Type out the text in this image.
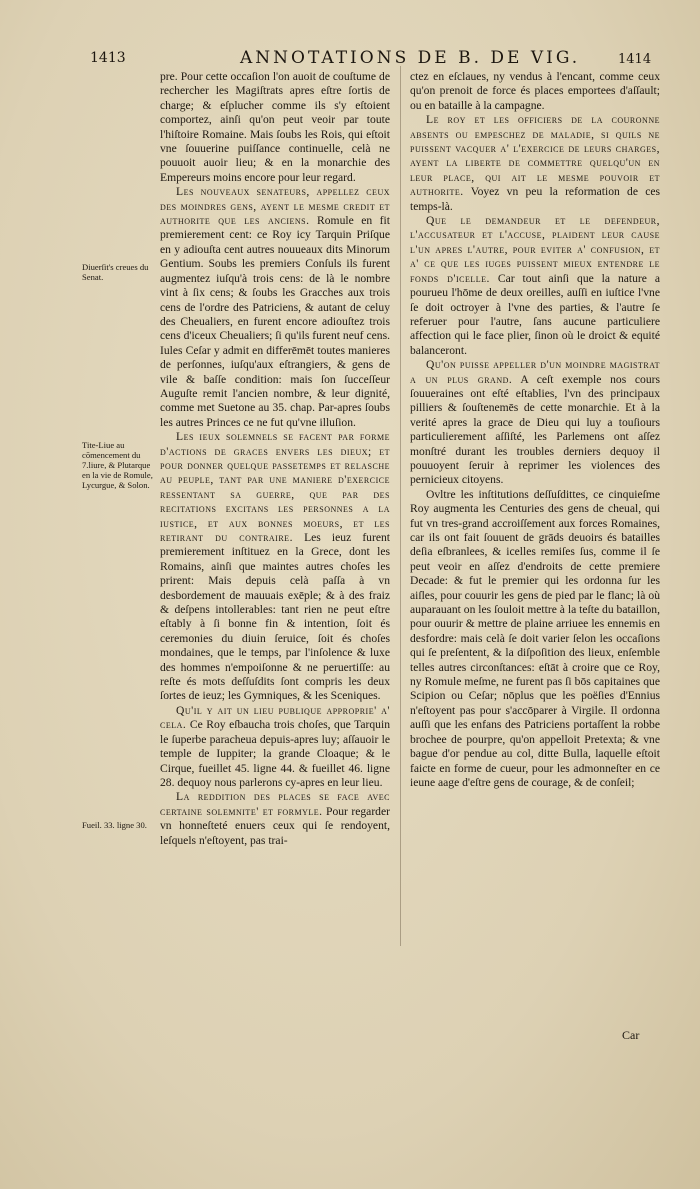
1413	ANNOTATIONS DE B. DE VIG.	1414
Diuerſit's creues du Senat.
Tite-Liue au cōmencement du 7.liure, & Plutarque en la vie de Romule, Lycurgue, & Solon.
Fueil. 33. ligne 30.

pre. Pour cette occaſion l'on auoit de couſtume de rechercher les Magiſtrats apres eſtre ſortis de charge; & eſplucher comme ils s'y eſtoient comportez, ainſi qu'on peut veoir par toute l'hiſtoire Romaine. Mais ſoubs les Rois, qui eſtoit vne ſouuerine puiſſance continuelle, celà ne pouuoit auoir lieu; & en la monarchie des Empereurs moins encore pour leur regard.

Les nouveaux senateurs, appellez ceux des moindres gens, ayent le mesme credit et authorite que les anciens. Romule en fit premierement cent: ce Roy icy Tarquin Priſque en y adiouſta cent autres nouueaux dits Minorum Gentium. Soubs les premiers Conſuls ils furent augmentez iuſqu'à trois cens: de là le nombre vint à ſix cens; & ſoubs les Gracches aux trois cens de l'ordre des Patriciens, & autant de celuy des Cheualiers, en furent encore adiouſtez trois cens d'iceux Cheualiers; ſi qu'ils furent neuf cens. Iules Ceſar y admit en differēmēt toutes manieres de perſonnes, iuſqu'aux eſtrangiers, & gens de vile & baſſe condition: mais ſon ſucceſſeur Auguſte remit l'ancien nombre, & leur dignité, comme met Suetone au 35. chap. Par-apres ſoubs les autres Princes ce ne fut qu'vne illuſion.

Les ieux solemnels se facent par forme d'actions de graces envers les dieux; et pour donner quelque passetemps et relasche au peuple, tant par une maniere d'exercice ressentant sa guerre, que par des recitations excitans les personnes a la iustice, et aux bonnes moeurs, et les retirant du contraire. Les ieuz furent premierement inſtituez en la Grece, dont les Romains, ainſi que maintes autres choſes les prirent: Mais depuis celà paſſa à vn desbordement de mauuais exēple; & à des fraiz & deſpens intollerables: tant rien ne peut eſtre eſtably à ſi bonne fin & intention, ſoit és ceremonies du diuin ſeruice, ſoit és choſes mondaines, que le temps, par l'inſolence & luxe des hommes n'empoiſonne & ne peruertiſſe: au reſte és mots deſſuſdits ſont compris les deux ſortes de ieuz; les Gymniques, & les Sceniques.

Qu'il y ait un lieu publique approprie' a' cela. Ce Roy eſbaucha trois choſes, que Tarquin le ſuperbe paracheua depuis-apres luy; aſſauoir le temple de Iuppiter; la grande Cloaque; & le Cirque, fueillet 45. ligne 44. & fueillet 46. ligne 28. dequoy nous parlerons cy-apres en leur lieu.

La reddition des places se face avec certaine solemnite' et formyle. Pour regarder vn honneſteté enuers ceux qui ſe rendoyent, leſquels n'eſtoyent, pas trai-

ctez en eſclaues, ny vendus à l'encant, comme ceux qu'on prenoit de force és places emportees d'aſſault; ou en bataille à la campagne.

Le roy et les officiers de la couronne absents ou empeschez de maladie, si quils ne puissent vacquer a' l'exercice de leurs charges, ayent la liberte de commettre quelqu'un en leur place, qui ait le mesme pouvoir et authorite. Voyez vn peu la reformation de ces temps-là.

Que le demandeur et le defendeur, l'accusateur et l'accuse, plaident leur cause l'un apres l'autre, pour eviter a' confusion, et a' ce que les iuges puissent mieux entendre le fonds d'icelle. Car tout ainſi que la nature a pourueu l'hōme de deux oreilles, auſſi en iuſtice l'vne ſe doit octroyer à l'vne des parties, & l'autre ſe referuer pour l'autre, ſans aucune particuliere affection qui le face plier, ſinon où le droict & equité balanceront.

Qu'on puisse appeller d'un moindre magistrat a un plus grand. A ceſt exemple nos cours ſouueraines ont eſté eſtablies, l'vn des principaux pilliers & ſouſtenemēs de cette monarchie. Et à la verité apres la grace de Dieu qui luy a touſiours particulierement aſſiſté, les Parlemens ont aſſez monſtré durant les troubles derniers dequoy il pouuoyent ſeruir à reprimer les violences des pernicieux citoyens.

Ovltre les inſtitutions deſſuſdittes, ce cinquieſme Roy augmenta les Centuries des gens de cheual, qui fut vn tres-grand accroiſſement aux forces Romaines, car ils ont fait ſouuent de grāds deuoirs és batailles deſia eſbranlees, & icelles remiſes ſus, comme il ſe peut veoir en aſſez d'endroits de cette premiere Decade: & fut le premier qui les ordonna ſur les aiſles, pour couurir les gens de pied par le flanc; là où auparauant on les ſouloit mettre à la teſte du bataillon, pour ouurir & mettre de plaine arriuee les ennemis en desfordre: mais celà ſe doit varier ſelon les occaſions qui ſe preſentent, & la diſpoſition des lieux, enſemble telles autres circonſtances: eſtāt à croire que ce Roy, ny Romule meſme, ne furent pas ſi bōs capitaines que Scipion ou Ceſar; nōplus que les poëſies d'Ennius n'eſtoyent pas pour s'accōparer à Virgile. Il ordonna auſſi que les enfans des Patriciens portaſſent la robbe brochee de pourpre, qu'on appelloit Pretexta; & vne bague d'or pendue au col, ditte Bulla, laquelle eſtoit faicte en forme de cueur, pour les admonneſter en ce ieune aage d'eſtre gens de courage, & de conſeil;

Car
